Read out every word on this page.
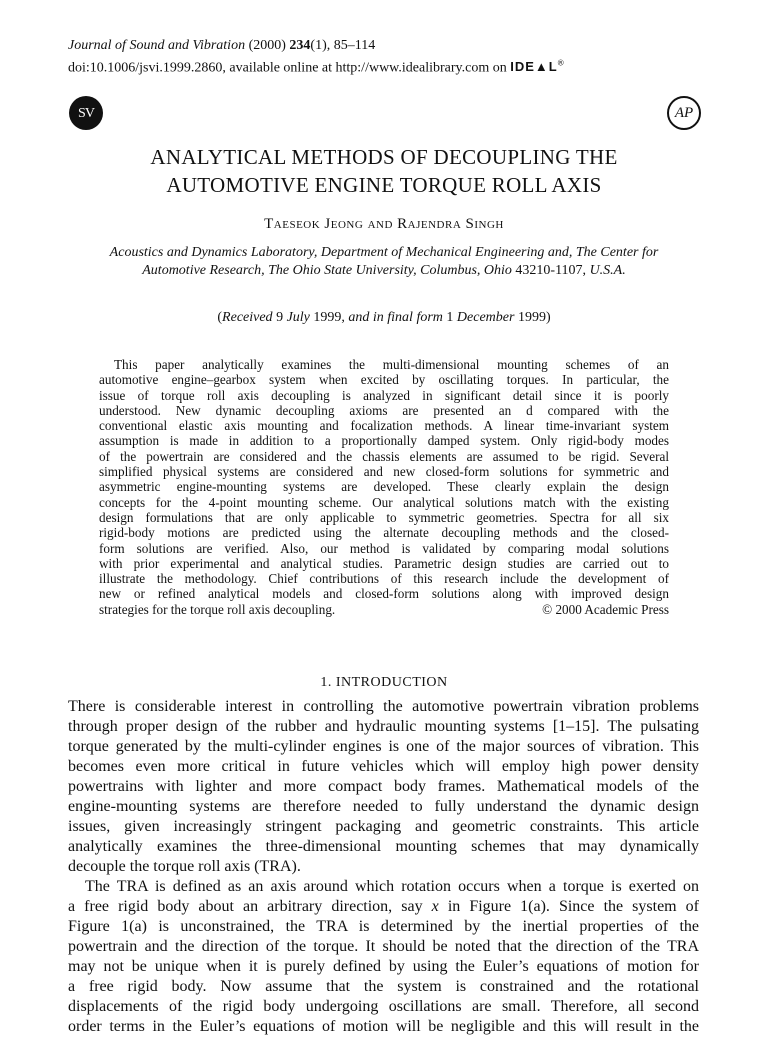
Journal of Sound and Vibration (2000) 234(1), 85–114
doi:10.1006/jsvi.1999.2860, available online at http://www.idealibrary.com on IDE▲L®
SV	AP
ANALYTICAL METHODS OF DECOUPLING THE
AUTOMOTIVE ENGINE TORQUE ROLL AXIS
Taeseok Jeong and Rajendra Singh
Acoustics and Dynamics Laboratory, Department of Mechanical Engineering and, The Center for
Automotive Research, The Ohio State University, Columbus, Ohio 43210-1107, U.S.A.
(Received 9 July 1999, and in final form 1 December 1999)
This paper analytically examines the multi-dimensional mounting schemes of an
automotive engine–gearbox system when excited by oscillating torques. In particular, the
issue of torque roll axis decoupling is analyzed in significant detail since it is poorly
understood. New dynamic decoupling axioms are presented an d compared with the
conventional elastic axis mounting and focalization methods. A linear time-invariant system
assumption is made in addition to a proportionally damped system. Only rigid-body modes
of the powertrain are considered and the chassis elements are assumed to be rigid. Several
simplified physical systems are considered and new closed-form solutions for symmetric and
asymmetric engine-mounting systems are developed. These clearly explain the design
concepts for the 4-point mounting scheme. Our analytical solutions match with the existing
design formulations that are only applicable to symmetric geometries. Spectra for all six
rigid-body motions are predicted using the alternate decoupling methods and the closed-
form solutions are verified. Also, our method is validated by comparing modal solutions
with prior experimental and analytical studies. Parametric design studies are carried out to
illustrate the methodology. Chief contributions of this research include the development of
new or refined analytical models and closed-form solutions along with improved design
strategies for the torque roll axis decoupling.	© 2000 Academic Press
1. INTRODUCTION
There is considerable interest in controlling the automotive powertrain vibration problems
through proper design of the rubber and hydraulic mounting systems [1–15]. The pulsating
torque generated by the multi-cylinder engines is one of the major sources of vibration. This
becomes even more critical in future vehicles which will employ high power density
powertrains with lighter and more compact body frames. Mathematical models of the
engine-mounting systems are therefore needed to fully understand the dynamic design
issues, given increasingly stringent packaging and geometric constraints. This article
analytically examines the three-dimensional mounting schemes that may dynamically
decouple the torque roll axis (TRA).
The TRA is defined as an axis around which rotation occurs when a torque is exerted on
a free rigid body about an arbitrary direction, say x in Figure 1(a). Since the system of
Figure 1(a) is unconstrained, the TRA is determined by the inertial properties of the
powertrain and the direction of the torque. It should be noted that the direction of the TRA
may not be unique when it is purely defined by using the Euler’s equations of motion for
a free rigid body. Now assume that the system is constrained and the rotational
displacements of the rigid body undergoing oscillations are small. Therefore, all second
order terms in the Euler’s equations of motion will be negligible and this will result in the
